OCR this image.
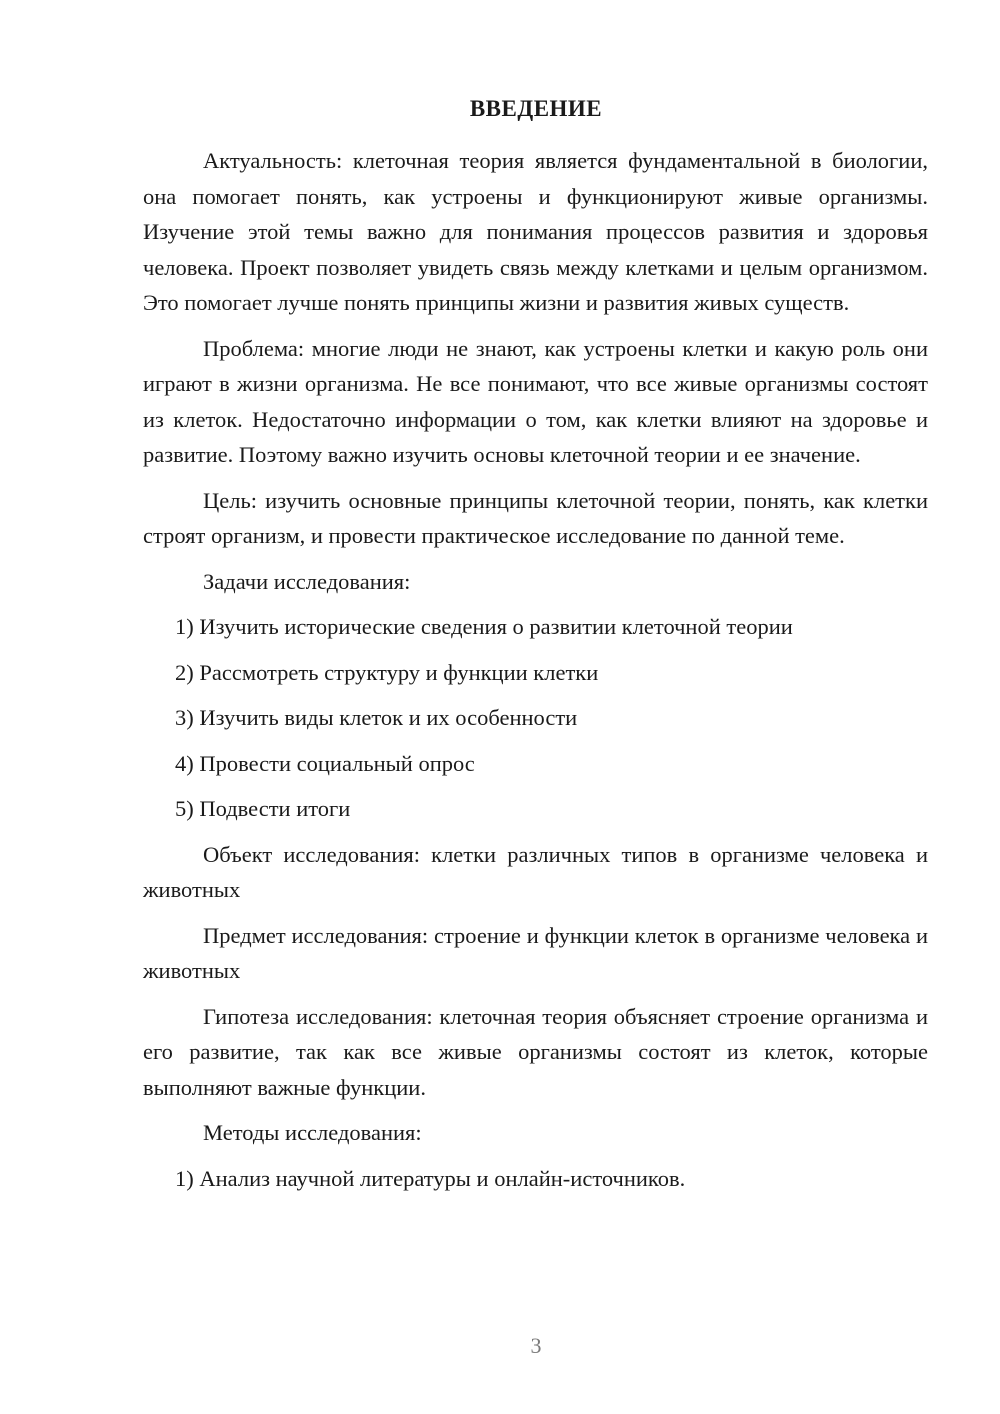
ВВЕДЕНИЕ

Актуальность: клеточная теория является фундаментальной в биологии, она помогает понять, как устроены и функционируют живые организмы. Изучение этой темы важно для понимания процессов развития и здоровья человека. Проект позволяет увидеть связь между клетками и целым организмом. Это помогает лучше понять принципы жизни и развития живых существ.

Проблема: многие люди не знают, как устроены клетки и какую роль они играют в жизни организма. Не все понимают, что все живые организмы состоят из клеток. Недостаточно информации о том, как клетки влияют на здоровье и развитие. Поэтому важно изучить основы клеточной теории и ее значение.

Цель: изучить основные принципы клеточной теории, понять, как клетки строят организм, и провести практическое исследование по данной теме.

Задачи исследования:

1) Изучить исторические сведения о развитии клеточной теории

2) Рассмотреть структуру и функции клетки

3) Изучить виды клеток и их особенности

4) Провести социальный опрос

5) Подвести итоги

Объект исследования: клетки различных типов в организме человека и животных

Предмет исследования: строение и функции клеток в организме человека и животных

Гипотеза исследования: клеточная теория объясняет строение организма и его развитие, так как все живые организмы состоят из клеток, которые выполняют важные функции.

Методы исследования:

1) Анализ научной литературы и онлайн-источников.

3
